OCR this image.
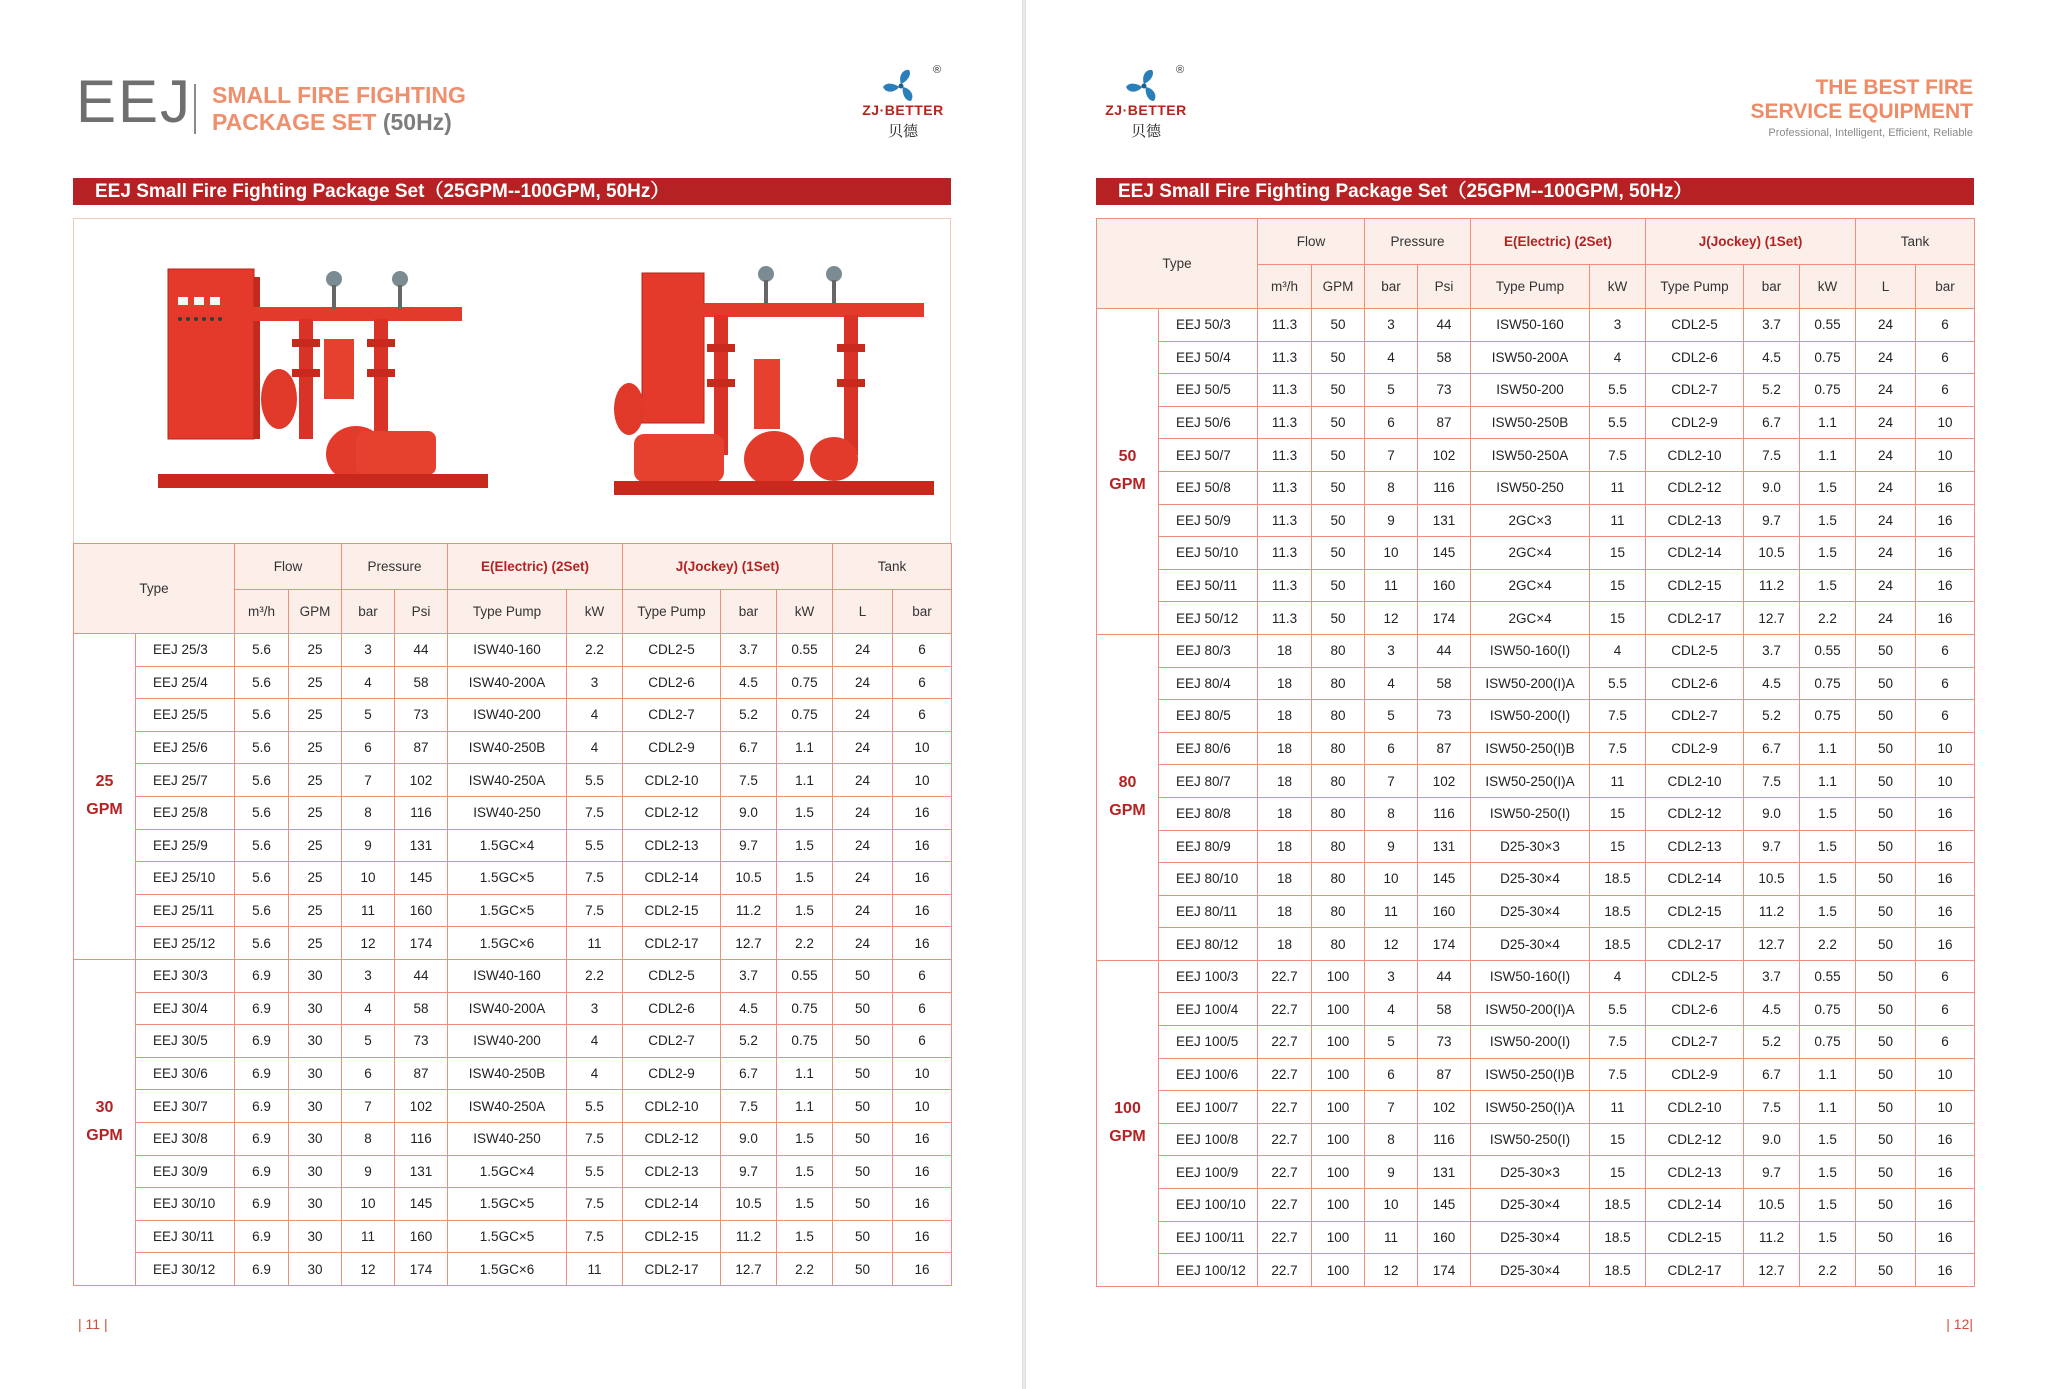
EEJ SMALL FIRE FIGHTING
PACKAGE SET (50Hz)
®
ZJ·BETTER
贝德
EEJ Small Fire Fighting Package Set（25GPM--100GPM, 50Hz）
Type		Flow		Pressure		E(Electric) (2Set)		J(Jockey) (1Set)			Tank	
		m³/h	GPM	bar	Psi	Type Pump	kW	Type Pump	bar	kW	L	bar

25
GPM	EEJ 25/3	5.6	25	3	44	ISW40-160	2.2	CDL2-5	3.7	0.55	24	6
	EEJ 25/4	5.6	25	4	58	ISW40-200A	3	CDL2-6	4.5	0.75	24	6
	EEJ 25/5	5.6	25	5	73	ISW40-200	4	CDL2-7	5.2	0.75	24	6
	EEJ 25/6	5.6	25	6	87	ISW40-250B	4	CDL2-9	6.7	1.1	24	10
	EEJ 25/7	5.6	25	7	102	ISW40-250A	5.5	CDL2-10	7.5	1.1	24	10
	EEJ 25/8	5.6	25	8	116	ISW40-250	7.5	CDL2-12	9.0	1.5	24	16
	EEJ 25/9	5.6	25	9	131	1.5GC×4	5.5	CDL2-13	9.7	1.5	24	16
	EEJ 25/10	5.6	25	10	145	1.5GC×5	7.5	CDL2-14	10.5	1.5	24	16
	EEJ 25/11	5.6	25	11	160	1.5GC×5	7.5	CDL2-15	11.2	1.5	24	16
	EEJ 25/12	5.6	25	12	174	1.5GC×6	11	CDL2-17	12.7	2.2	24	16

30
GPM	EEJ 30/3	6.9	30	3	44	ISW40-160	2.2	CDL2-5	3.7	0.55	50	6
	EEJ 30/4	6.9	30	4	58	ISW40-200A	3	CDL2-6	4.5	0.75	50	6
	EEJ 30/5	6.9	30	5	73	ISW40-200	4	CDL2-7	5.2	0.75	50	6
	EEJ 30/6	6.9	30	6	87	ISW40-250B	4	CDL2-9	6.7	1.1	50	10
	EEJ 30/7	6.9	30	7	102	ISW40-250A	5.5	CDL2-10	7.5	1.1	50	10
	EEJ 30/8	6.9	30	8	116	ISW40-250	7.5	CDL2-12	9.0	1.5	50	16
	EEJ 30/9	6.9	30	9	131	1.5GC×4	5.5	CDL2-13	9.7	1.5	50	16
	EEJ 30/10	6.9	30	10	145	1.5GC×5	7.5	CDL2-14	10.5	1.5	50	16
	EEJ 30/11	6.9	30	11	160	1.5GC×5	7.5	CDL2-15	11.2	1.5	50	16
	EEJ 30/12	6.9	30	12	174	1.5GC×6	11	CDL2-17	12.7	2.2	50	16
| 11 |
®
ZJ·BETTER
贝德
THE BEST FIRE
SERVICE EQUIPMENT
Professional, Intelligent, Efficient, Reliable
EEJ Small Fire Fighting Package Set（25GPM--100GPM, 50Hz）
Type		Flow		Pressure		E(Electric) (2Set)		J(Jockey) (1Set)			Tank	
		m³/h	GPM	bar	Psi	Type Pump	kW	Type Pump	bar	kW	L	bar

50
GPM	EEJ 50/3	11.3	50	3	44	ISW50-160	3	CDL2-5	3.7	0.55	24	6
	EEJ 50/4	11.3	50	4	58	ISW50-200A	4	CDL2-6	4.5	0.75	24	6
	EEJ 50/5	11.3	50	5	73	ISW50-200	5.5	CDL2-7	5.2	0.75	24	6
	EEJ 50/6	11.3	50	6	87	ISW50-250B	5.5	CDL2-9	6.7	1.1	24	10
	EEJ 50/7	11.3	50	7	102	ISW50-250A	7.5	CDL2-10	7.5	1.1	24	10
	EEJ 50/8	11.3	50	8	116	ISW50-250	11	CDL2-12	9.0	1.5	24	16
	EEJ 50/9	11.3	50	9	131	2GC×3	11	CDL2-13	9.7	1.5	24	16
	EEJ 50/10	11.3	50	10	145	2GC×4	15	CDL2-14	10.5	1.5	24	16
	EEJ 50/11	11.3	50	11	160	2GC×4	15	CDL2-15	11.2	1.5	24	16
	EEJ 50/12	11.3	50	12	174	2GC×4	15	CDL2-17	12.7	2.2	24	16

80
GPM	EEJ 80/3	18	80	3	44	ISW50-160(I)	4	CDL2-5	3.7	0.55	50	6
	EEJ 80/4	18	80	4	58	ISW50-200(I)A	5.5	CDL2-6	4.5	0.75	50	6
	EEJ 80/5	18	80	5	73	ISW50-200(I)	7.5	CDL2-7	5.2	0.75	50	6
	EEJ 80/6	18	80	6	87	ISW50-250(I)B	7.5	CDL2-9	6.7	1.1	50	10
	EEJ 80/7	18	80	7	102	ISW50-250(I)A	11	CDL2-10	7.5	1.1	50	10
	EEJ 80/8	18	80	8	116	ISW50-250(I)	15	CDL2-12	9.0	1.5	50	16
	EEJ 80/9	18	80	9	131	D25-30×3	15	CDL2-13	9.7	1.5	50	16
	EEJ 80/10	18	80	10	145	D25-30×4	18.5	CDL2-14	10.5	1.5	50	16
	EEJ 80/11	18	80	11	160	D25-30×4	18.5	CDL2-15	11.2	1.5	50	16
	EEJ 80/12	18	80	12	174	D25-30×4	18.5	CDL2-17	12.7	2.2	50	16

100
GPM	EEJ 100/3	22.7	100	3	44	ISW50-160(I)	4	CDL2-5	3.7	0.55	50	6
	EEJ 100/4	22.7	100	4	58	ISW50-200(I)A	5.5	CDL2-6	4.5	0.75	50	6
	EEJ 100/5	22.7	100	5	73	ISW50-200(I)	7.5	CDL2-7	5.2	0.75	50	6
	EEJ 100/6	22.7	100	6	87	ISW50-250(I)B	7.5	CDL2-9	6.7	1.1	50	10
	EEJ 100/7	22.7	100	7	102	ISW50-250(I)A	11	CDL2-10	7.5	1.1	50	10
	EEJ 100/8	22.7	100	8	116	ISW50-250(I)	15	CDL2-12	9.0	1.5	50	16
	EEJ 100/9	22.7	100	9	131	D25-30×3	15	CDL2-13	9.7	1.5	50	16
	EEJ 100/10	22.7	100	10	145	D25-30×4	18.5	CDL2-14	10.5	1.5	50	16
	EEJ 100/11	22.7	100	11	160	D25-30×4	18.5	CDL2-15	11.2	1.5	50	16
	EEJ 100/12	22.7	100	12	174	D25-30×4	18.5	CDL2-17	12.7	2.2	50	16
| 12|
